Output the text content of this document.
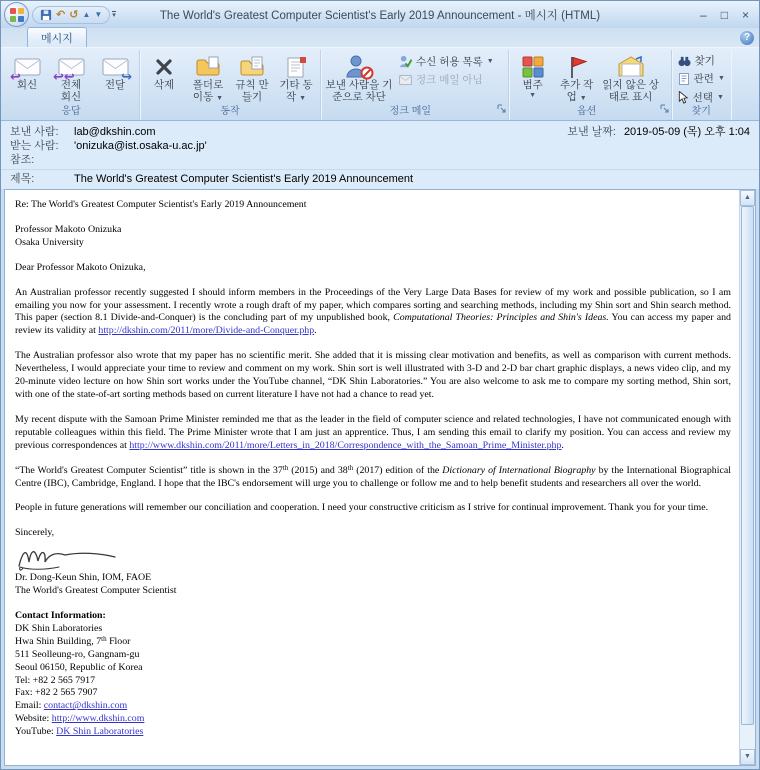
↶ ↺ ▲ ▼ ▾	The World's Greatest Computer Scientist's Early 2019 Announcement - 메시지 (HTML)	– □ ×
메시지	?
↩
회신
↩↩
전체 회신
↪
전달
응답
삭제	폴더로 이동 ▼
규칙 만들기
기타 동작 ▼
동작
보낸 사람을 기준으로 차단
수신 허용 목록 ▼
정크 메일 아님
정크 메일
범주
▼
추가 작업 ▼
읽지 않은 상태로 표시
옵션
찾기
관련 ▼
선택 ▼
찾기
보낸 사람:	lab@dkshin.com	보낸 날짜: 2019-05-09 (목) 오후 1:04
받는 사람:	'onizuka@ist.osaka-u.ac.jp'
참조:
제목:	The World's Greatest Computer Scientist's Early 2019 Announcement

Re: The World's Greatest Computer Scientist's Early 2019 Announcement

Professor Makoto Onizuka
Osaka University

Dear Professor Makoto Onizuka,

An Australian professor recently suggested I should inform members in the Proceedings of the Very Large Data Bases for review of my work and possible publication, so I am emailing you now for your assessment. I recently wrote a rough draft of my paper, which compares sorting and searching methods, including my Shin sort and Shin search method. This paper (section 8.1 Divide-and-Conquer) is the concluding part of my unpublished book, Computational Theories: Principles and Shin's Ideas. You can access my paper and review its validity at http://dkshin.com/2011/more/Divide-and-Conquer.php.

The Australian professor also wrote that my paper has no scientific merit. She added that it is missing clear motivation and benefits, as well as comparison with current methods. Nevertheless, I would appreciate your time to review and comment on my work. Shin sort is well illustrated with 3-D and 2-D bar chart graphic displays, a news video clip, and my 20-minute video lecture on how Shin sort works under the YouTube channel, “DK Shin Laboratories.” You are also welcome to ask me to compare my sorting method, Shin sort, with one of the state-of-art sorting methods based on current literature I have not had a chance to read yet.

My recent dispute with the Samoan Prime Minister reminded me that as the leader in the field of computer science and related technologies, I have not communicated enough with reputable colleagues within this field. The Prime Minister wrote that I am just an apprentice. Thus, I am sending this email to clarify my position. You can access and review my previous correspondences at http://www.dkshin.com/2011/more/Letters_in_2018/Correspondence_with_the_Samoan_Prime_Minister.php.

“The World's Greatest Computer Scientist” title is shown in the 37th (2015) and 38th (2017) edition of the Dictionary of International Biography by the International Biographical Centre (IBC), Cambridge, England. I hope that the IBC's endorsement will urge you to challenge or follow me and to help benefit students and researchers all over the world.

People in future generations will remember our conciliation and cooperation. I need your constructive criticism as I strive for continual improvement. Thank you for your time.

Sincerely,

Dr. Dong-Keun Shin, IOM, FAOE
The World's Greatest Computer Scientist
Contact Information:
DK Shin Laboratories
Hwa Shin Building, 7th Floor
511 Seolleung-ro, Gangnam-gu
Seoul 06150, Republic of Korea
Tel: +82 2 565 7917
Fax: +82 2 565 7907
Email: contact@dkshin.com
Website: http://www.dkshin.com
YouTube: DK Shin Laboratories
▲
▼
